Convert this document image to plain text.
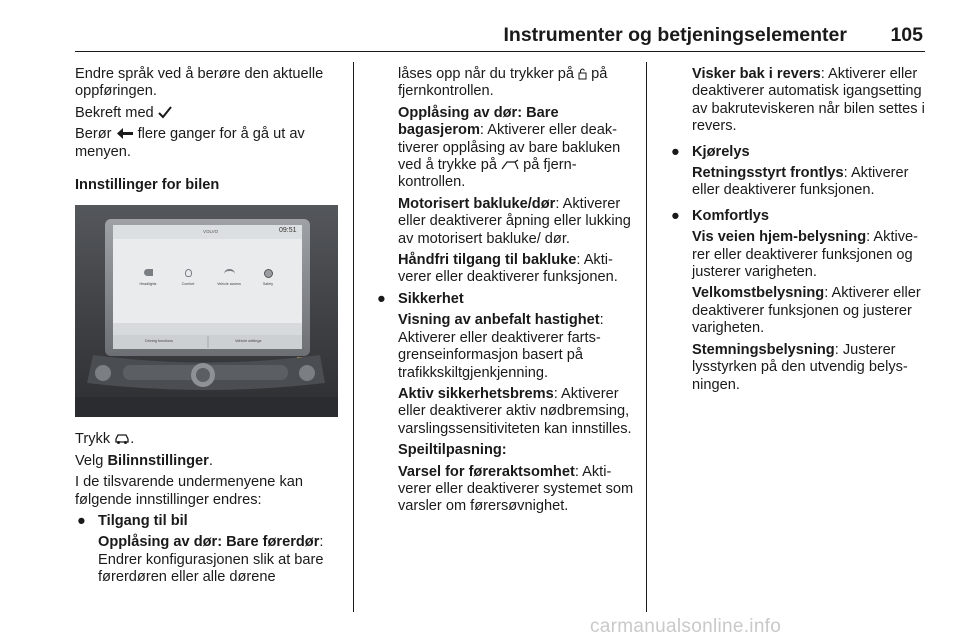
Instrumenter og betjeningselementer 105

Endre språk ved å berøre den aktuelle oppføringen.

Bekreft med

Berør flere ganger for å gå ut av menyen.

Innstillinger for bilen
VOLVO	09:51
Headlights	Comfort	Vehicle access	Safety
Driving functions	Vehicle settings

Trykk .

Velg Bilinnstillinger.

I de tilsvarende undermenyene kan følgende innstillinger endres:

● Tilgang til bil

Opplåsing av dør: Bare førerdør: Endrer konfigurasjonen slik at bare førerdøren eller alle dørene

låses opp når du trykker på på fjernkontrollen.

Opplåsing av dør: Bare bagasjerom: Aktiverer eller deaktiverer opplåsing av bare bakluken ved å trykke på på fjernkontrollen.

Motorisert bakluke/dør: Aktiverer eller deaktiverer åpning eller lukking av motorisert bakluke/ dør.

Håndfri tilgang til bakluke: Aktiverer eller deaktiverer funksjonen.

● Sikkerhet

Visning av anbefalt hastighet: Aktiverer eller deaktiverer fartsgrenseinformasjon basert på trafikkskiltgjenkjenning.

Aktiv sikkerhetsbrems: Aktiverer eller deaktiverer aktiv nødbremsing, varslingssensitiviteten kan innstilles.

Speiltilpasning:

Varsel for føreraktsomhet: Aktiverer eller deaktiverer systemet som varsler om førersøvnighet.

Visker bak i revers: Aktiverer eller deaktiverer automatisk igangsetting av bakruteviskeren når bilen settes i revers.

● Kjørelys

Retningsstyrt frontlys: Aktiverer eller deaktiverer funksjonen.

● Komfortlys

Vis veien hjem-belysning: Aktiverer eller deaktiverer funksjonen og justerer varigheten.

Velkomstbelysning: Aktiverer eller deaktiverer funksjonen og justerer varigheten.

Stemningsbelysning: Justerer lysstyrken på den utvendig belysningen.

carmanualsonline.info
